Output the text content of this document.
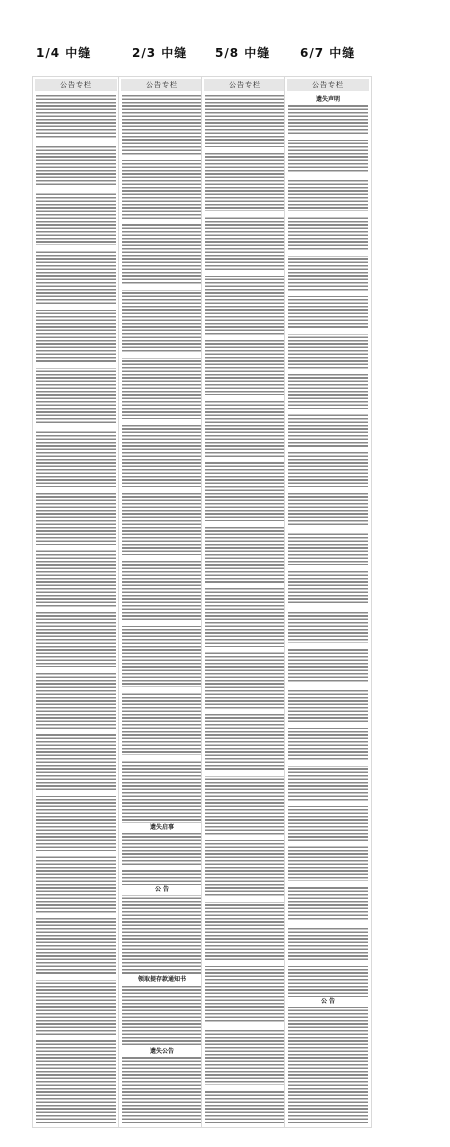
1/4 中缝	2/3 中缝 5/8 中缝 6/7 中缝
公告专栏	公告专栏
遗失启事
公 告
领取提存款通知书
遗失公告
公告专栏	公告专栏
遗失声明
公 告
